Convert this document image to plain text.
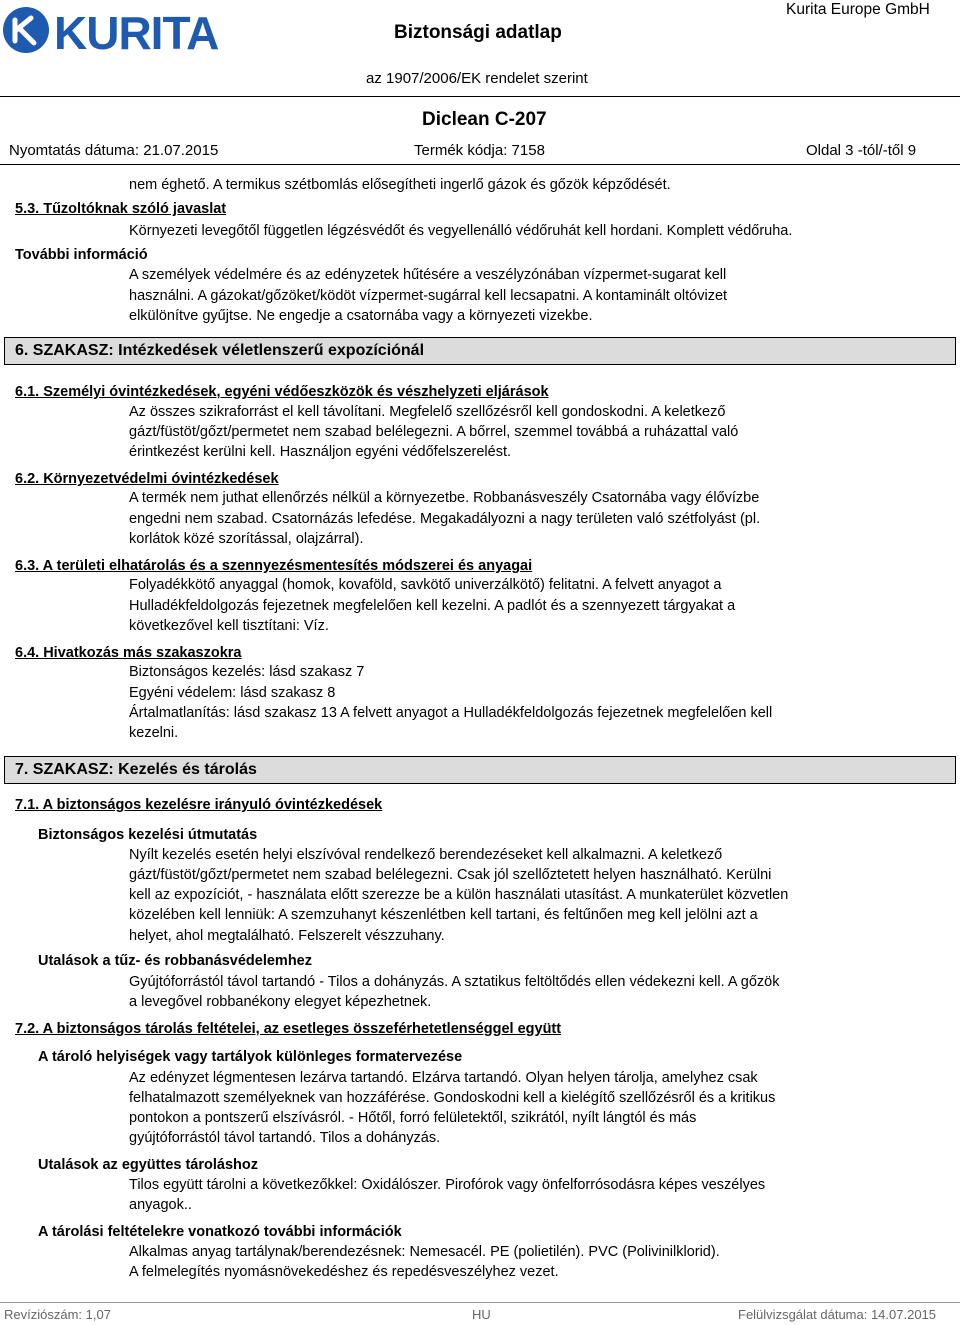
KURITA	Biztonsági adatlap
Kurita Europe GmbH
az 1907/2006/EK rendelet szerint
Diclean C-207
Nyomtatás dátuma: 21.07.2015	Termék kódja: 7158	Oldal 3 -tól/-től 9
nem éghető. A termikus szétbomlás elősegítheti ingerlő gázok és gőzök képződését.
5.3. Tűzoltóknak szóló javaslat
Környezeti levegőtől független légzésvédőt és vegyellenálló védőruhát kell hordani. Komplett védőruha.
További információ
A személyek védelmére és az edényzetek hűtésére a veszélyzónában vízpermet-sugarat kell
használni. A gázokat/gőzöket/ködöt vízpermet-sugárral kell lecsapatni. A kontaminált oltóvizet
elkülönítve gyűjtse. Ne engedje a csatornába vagy a környezeti vizekbe.
6. SZAKASZ: Intézkedések véletlenszerű expozíciónál
6.1. Személyi óvintézkedések, egyéni védőeszközök és vészhelyzeti eljárások
Az összes szikraforrást el kell távolítani. Megfelelő szellőzésről kell gondoskodni. A keletkező
gázt/füstöt/gőzt/permetet nem szabad belélegezni. A bőrrel, szemmel továbbá a ruházattal való
érintkezést kerülni kell. Használjon egyéni védőfelszerelést.
6.2. Környezetvédelmi óvintézkedések
A termék nem juthat ellenőrzés nélkül a környezetbe. Robbanásveszély Csatornába vagy élővízbe
engedni nem szabad. Csatornázás lefedése. Megakadályozni a nagy területen való szétfolyást (pl.
korlátok közé szorítással, olajzárral).
6.3. A területi elhatárolás és a szennyezésmentesítés módszerei és anyagai
Folyadékkötő anyaggal (homok, kovaföld, savkötő univerzálkötő) felitatni. A felvett anyagot a
Hulladékfeldolgozás fejezetnek megfelelően kell kezelni. A padlót és a szennyezett tárgyakat a
következővel kell tisztítani: Víz.
6.4. Hivatkozás más szakaszokra
Biztonságos kezelés: lásd szakasz 7
Egyéni védelem: lásd szakasz 8
Ártalmatlanítás: lásd szakasz 13 A felvett anyagot a Hulladékfeldolgozás fejezetnek megfelelően kell
kezelni.
7. SZAKASZ: Kezelés és tárolás
7.1. A biztonságos kezelésre irányuló óvintézkedések
Biztonságos kezelési útmutatás
Nyílt kezelés esetén helyi elszívóval rendelkező berendezéseket kell alkalmazni. A keletkező
gázt/füstöt/gőzt/permetet nem szabad belélegezni. Csak jól szellőztetett helyen használható. Kerülni
kell az expozíciót, - használata előtt szerezze be a külön használati utasítást. A munkaterület közvetlen
közelében kell lenniük: A szemzuhanyt készenlétben kell tartani, és feltűnően meg kell jelölni azt a
helyet, ahol megtalálható. Felszerelt vészzuhany.
Utalások a tűz- és robbanásvédelemhez
Gyújtóforrástól távol tartandó - Tilos a dohányzás. A sztatikus feltöltődés ellen védekezni kell. A gőzök
a levegővel robbanékony elegyet képezhetnek.
7.2. A biztonságos tárolás feltételei, az esetleges összeférhetetlenséggel együtt
A tároló helyiségek vagy tartályok különleges formatervezése
Az edényzet légmentesen lezárva tartandó. Elzárva tartandó. Olyan helyen tárolja, amelyhez csak
felhatalmazott személyeknek van hozzáférése. Gondoskodni kell a kielégítő szellőzésről és a kritikus
pontokon a pontszerű elszívásról. - Hőtől, forró felületektől, szikrától, nyílt lángtól és más
gyújtóforrástól távol tartandó. Tilos a dohányzás.
Utalások az együttes tároláshoz
Tilos együtt tárolni a következőkkel: Oxidálószer. Pirofórok vagy önfelforrósodásra képes veszélyes
anyagok..
A tárolási feltételekre vonatkozó további információk
Alkalmas anyag tartálynak/berendezésnek: Nemesacél. PE (polietilén). PVC (Polivinilklorid).
A felmelegítés nyomásnövekedéshez és repedésveszélyhez vezet.
Revíziószám: 1,07	HU	Felülvizsgálat dátuma: 14.07.2015
